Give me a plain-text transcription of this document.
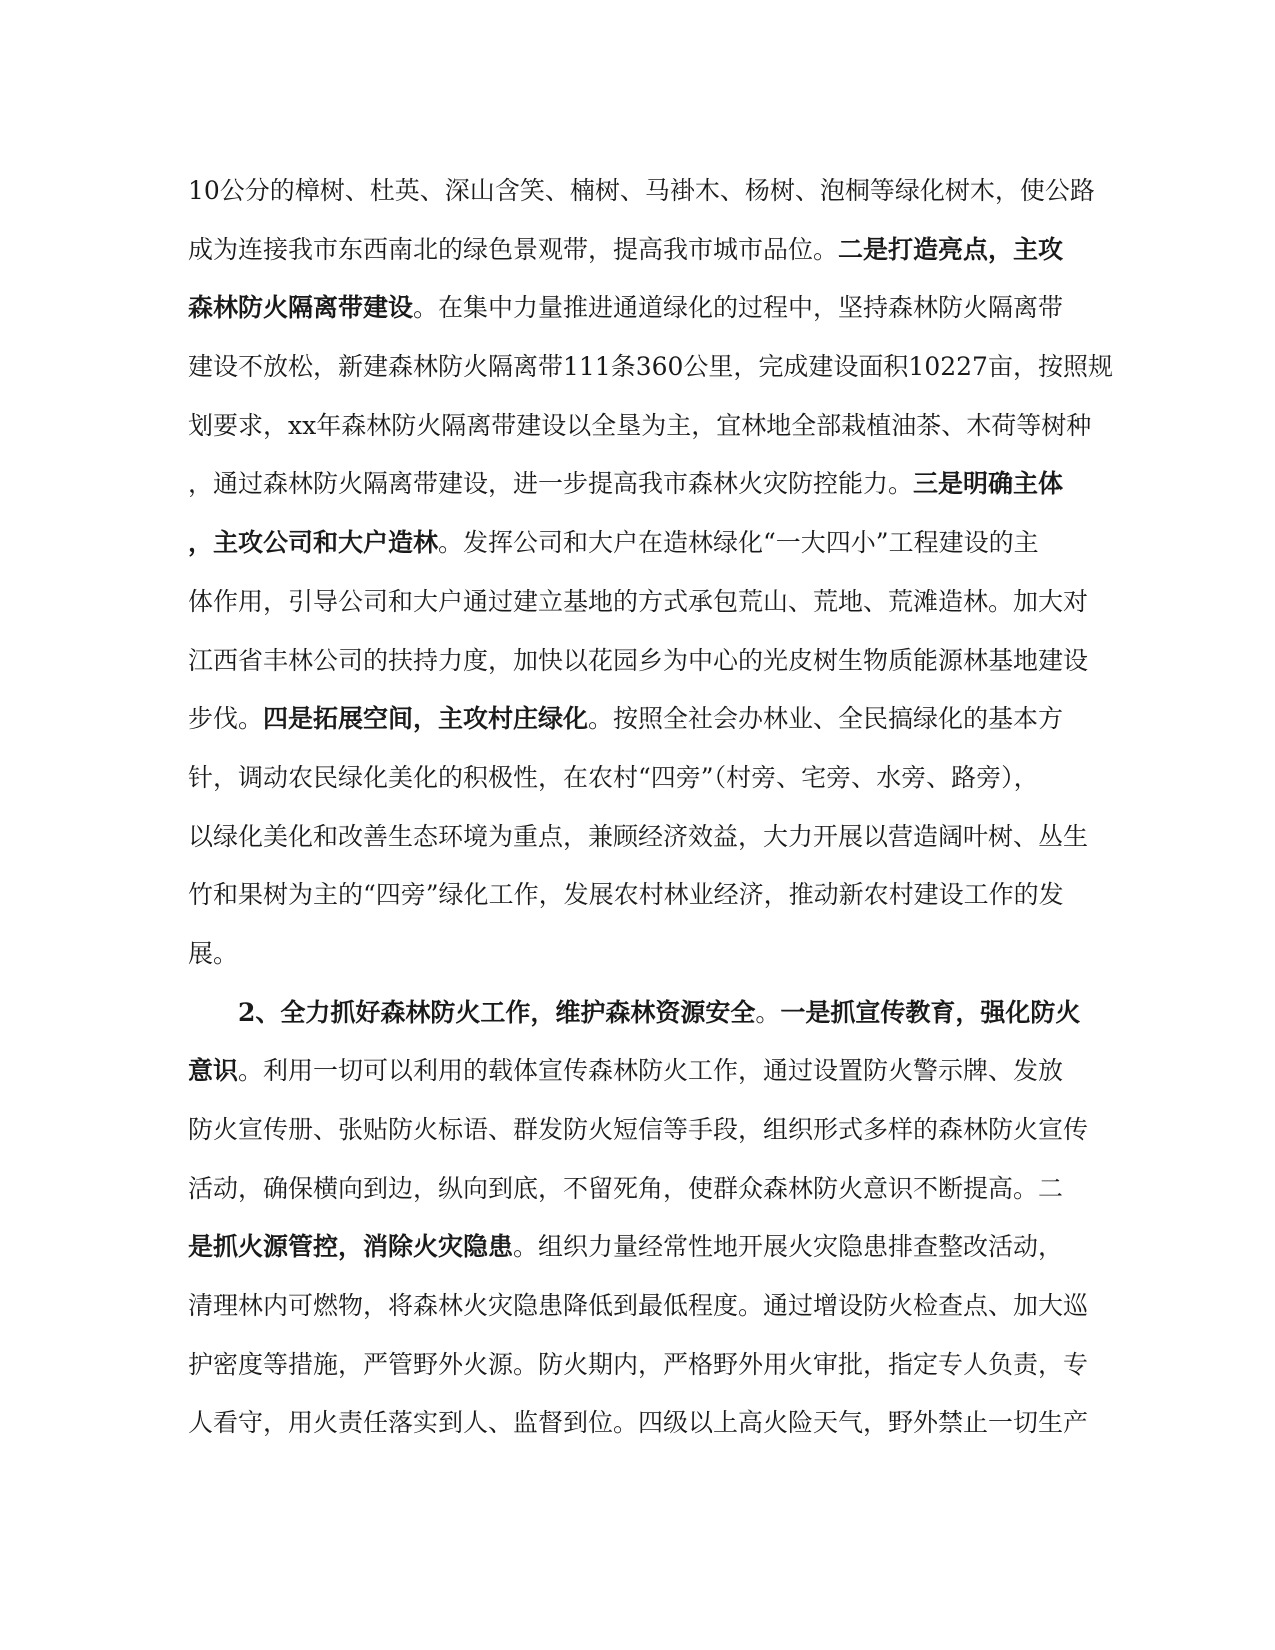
10公分的樟树、杜英、深山含笑、楠树、马褂木、杨树、泡桐等绿化树木，使公路
成为连接我市东西南北的绿色景观带，提高我市城市品位。二是打造亮点，主攻
森林防火隔离带建设。在集中力量推进通道绿化的过程中，坚持森林防火隔离带
建设不放松，新建森林防火隔离带111条360公里，完成建设面积10227亩，按照规
划要求，xx年森林防火隔离带建设以全垦为主，宜林地全部栽植油茶、木荷等树种
，通过森林防火隔离带建设，进一步提高我市森林火灾防控能力。三是明确主体
，主攻公司和大户造林。发挥公司和大户在造林绿化“一大四小”工程建设的主
体作用，引导公司和大户通过建立基地的方式承包荒山、荒地、荒滩造林。加大对
江西省丰林公司的扶持力度，加快以花园乡为中心的光皮树生物质能源林基地建设
步伐。四是拓展空间，主攻村庄绿化。按照全社会办林业、全民搞绿化的基本方
针，调动农民绿化美化的积极性，在农村“四旁”（村旁、宅旁、水旁、路旁），
以绿化美化和改善生态环境为重点，兼顾经济效益，大力开展以营造阔叶树、丛生
竹和果树为主的“四旁”绿化工作，发展农村林业经济，推动新农村建设工作的发
展。
2、全力抓好森林防火工作，维护森林资源安全。一是抓宣传教育，强化防火
意识。利用一切可以利用的载体宣传森林防火工作，通过设置防火警示牌、发放
防火宣传册、张贴防火标语、群发防火短信等手段，组织形式多样的森林防火宣传
活动，确保横向到边，纵向到底，不留死角，使群众森林防火意识不断提高。二
是抓火源管控，消除火灾隐患。组织力量经常性地开展火灾隐患排查整改活动，
清理林内可燃物，将森林火灾隐患降低到最低程度。通过增设防火检查点、加大巡
护密度等措施，严管野外火源。防火期内，严格野外用火审批，指定专人负责，专
人看守，用火责任落实到人、监督到位。四级以上高火险天气，野外禁止一切生产
